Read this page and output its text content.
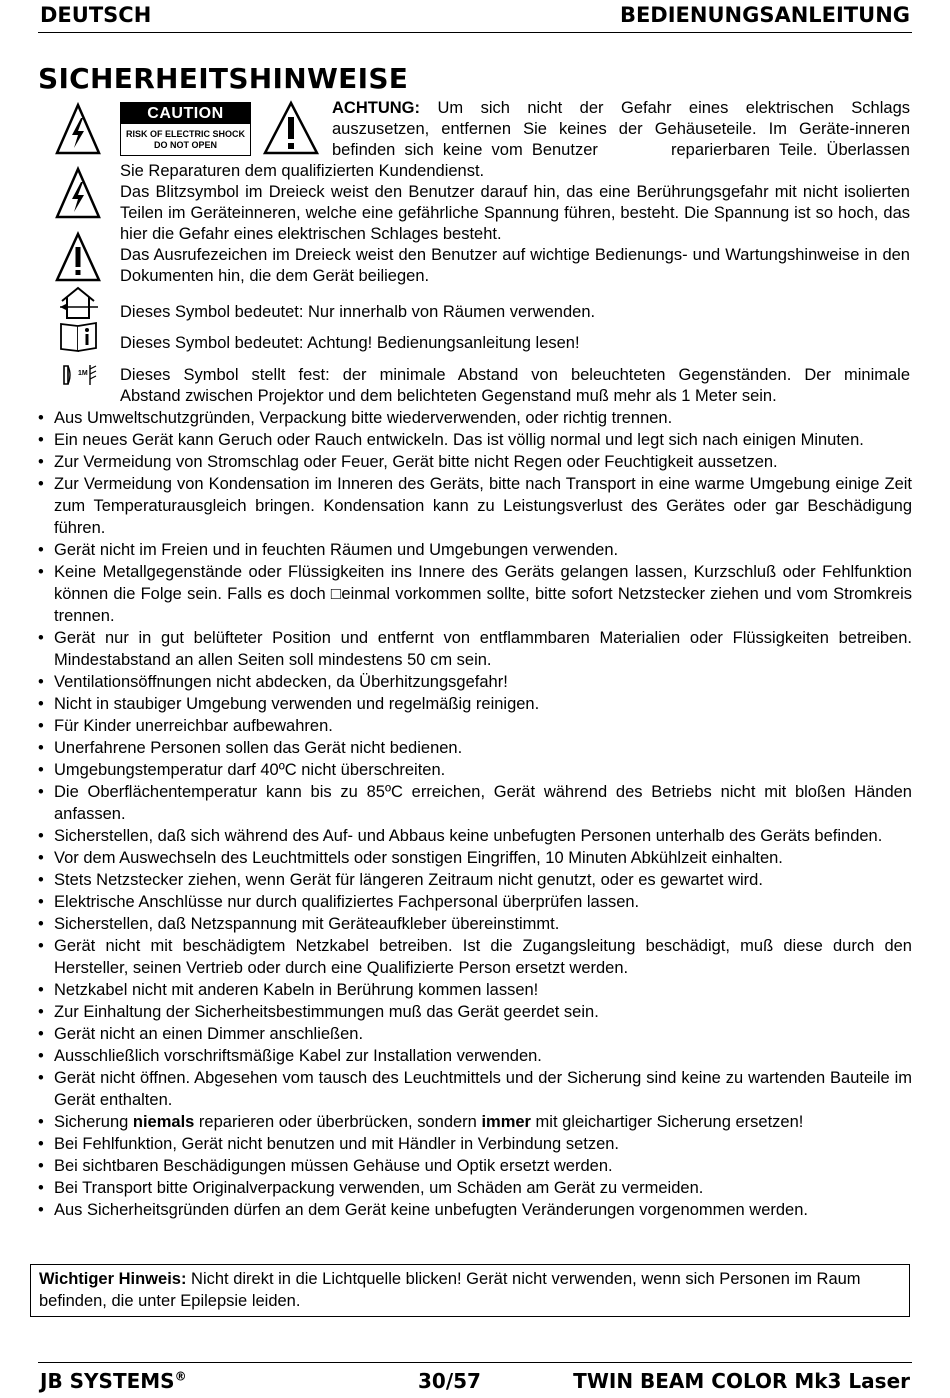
DEUTSCH	BEDIENUNGSANLEITUNG
SICHERHEITSHINWEISE
CAUTION
RISK OF ELECTRIC SHOCK
DO NOT OPEN
ACHTUNG: Um sich nicht der Gefahr eines elektrischen Schlags
auszusetzen, entfernen Sie keines der Gehäuseteile. Im Geräte-inneren
befinden sich keine vom Benutzer        reparierbaren Teile. Überlassen
Sie Reparaturen dem qualifizierten Kundendienst.
Das Blitzsymbol im Dreieck weist den Benutzer darauf hin, das eine Berührungsgefahr mit nicht isolierten Teilen im Geräteinneren, welche eine gefährliche Spannung führen, besteht. Die Spannung ist so hoch, das hier die Gefahr eines elektrischen Schlages besteht.
Das Ausrufezeichen im Dreieck weist den Benutzer auf wichtige Bedienungs- und Wartungshinweise in den Dokumenten hin, die dem Gerät beiliegen.
Dieses Symbol bedeutet: Nur innerhalb von Räumen verwenden.
Dieses Symbol bedeutet: Achtung! Bedienungsanleitung lesen!
1M Dieses Symbol stellt fest: der minimale Abstand von beleuchteten Gegenständen. Der minimale
Abstand zwischen Projektor und dem belichteten Gegenstand muß mehr als 1 Meter sein.
• Aus Umweltschutzgründen, Verpackung bitte wiederverwenden, oder richtig trennen.
• Ein neues Gerät kann Geruch oder Rauch entwickeln. Das ist völlig normal und legt sich nach einigen Minuten.
• Zur Vermeidung von Stromschlag oder Feuer, Gerät bitte nicht Regen oder Feuchtigkeit aussetzen.
• Zur Vermeidung von Kondensation im Inneren des Geräts, bitte nach Transport in eine warme Umgebung einige Zeit zum Temperaturausgleich bringen. Kondensation kann zu Leistungsverlust des Gerätes oder gar Beschädigung führen.
• Gerät nicht im Freien und in feuchten Räumen und Umgebungen verwenden.
• Keine Metallgegenstände oder Flüssigkeiten ins Innere des Geräts gelangen lassen, Kurzschluß oder Fehlfunktion können die Folge sein. Falls es doch □einmal vorkommen sollte, bitte sofort Netzstecker ziehen und vom Stromkreis trennen.
• Gerät nur in gut belüfteter Position und entfernt von entflammbaren Materialien oder Flüssigkeiten betreiben. Mindestabstand an allen Seiten soll mindestens 50 cm sein.
• Ventilationsöffnungen nicht abdecken, da Überhitzungsgefahr!
• Nicht in staubiger Umgebung verwenden und regelmäßig reinigen.
• Für Kinder unerreichbar aufbewahren.
• Unerfahrene Personen sollen das Gerät nicht bedienen.
• Umgebungstemperatur darf 40ºC nicht überschreiten.
• Die Oberflächentemperatur kann bis zu 85ºC erreichen, Gerät während des Betriebs nicht mit bloßen Händen anfassen.
• Sicherstellen, daß sich während des Auf- und Abbaus keine unbefugten Personen unterhalb des Geräts befinden.
• Vor dem Auswechseln des Leuchtmittels oder sonstigen Eingriffen, 10 Minuten Abkühlzeit einhalten.
• Stets Netzstecker ziehen, wenn Gerät für längeren Zeitraum nicht genutzt, oder es gewartet wird.
• Elektrische Anschlüsse nur durch qualifiziertes Fachpersonal überprüfen lassen.
• Sicherstellen, daß Netzspannung mit Geräteaufkleber übereinstimmt.
• Gerät nicht mit beschädigtem Netzkabel betreiben. Ist die Zugangsleitung beschädigt, muß diese durch den Hersteller, seinen Vertrieb oder durch eine Qualifizierte Person ersetzt werden.
• Netzkabel nicht mit anderen Kabeln in Berührung kommen lassen!
• Zur Einhaltung der Sicherheitsbestimmungen muß das Gerät geerdet sein.
• Gerät nicht an einen Dimmer anschließen.
• Ausschließlich vorschriftsmäßige Kabel zur Installation verwenden.
• Gerät nicht öffnen. Abgesehen vom tausch des Leuchtmittels und der Sicherung sind keine zu wartenden Bauteile im Gerät enthalten.
• Sicherung niemals reparieren oder überbrücken, sondern immer mit gleichartiger Sicherung ersetzen!
• Bei Fehlfunktion, Gerät nicht benutzen und mit Händler in Verbindung setzen.
• Bei sichtbaren Beschädigungen müssen Gehäuse und Optik ersetzt werden.
• Bei Transport bitte Originalverpackung verwenden, um Schäden am Gerät zu vermeiden.
• Aus Sicherheitsgründen dürfen an dem Gerät keine unbefugten Veränderungen vorgenommen werden.
Wichtiger Hinweis: Nicht direkt in die Lichtquelle blicken! Gerät nicht verwenden, wenn sich Personen im Raum befinden, die unter Epilepsie leiden.
JB SYSTEMS®	30/57	TWIN BEAM COLOR Mk3 Laser
